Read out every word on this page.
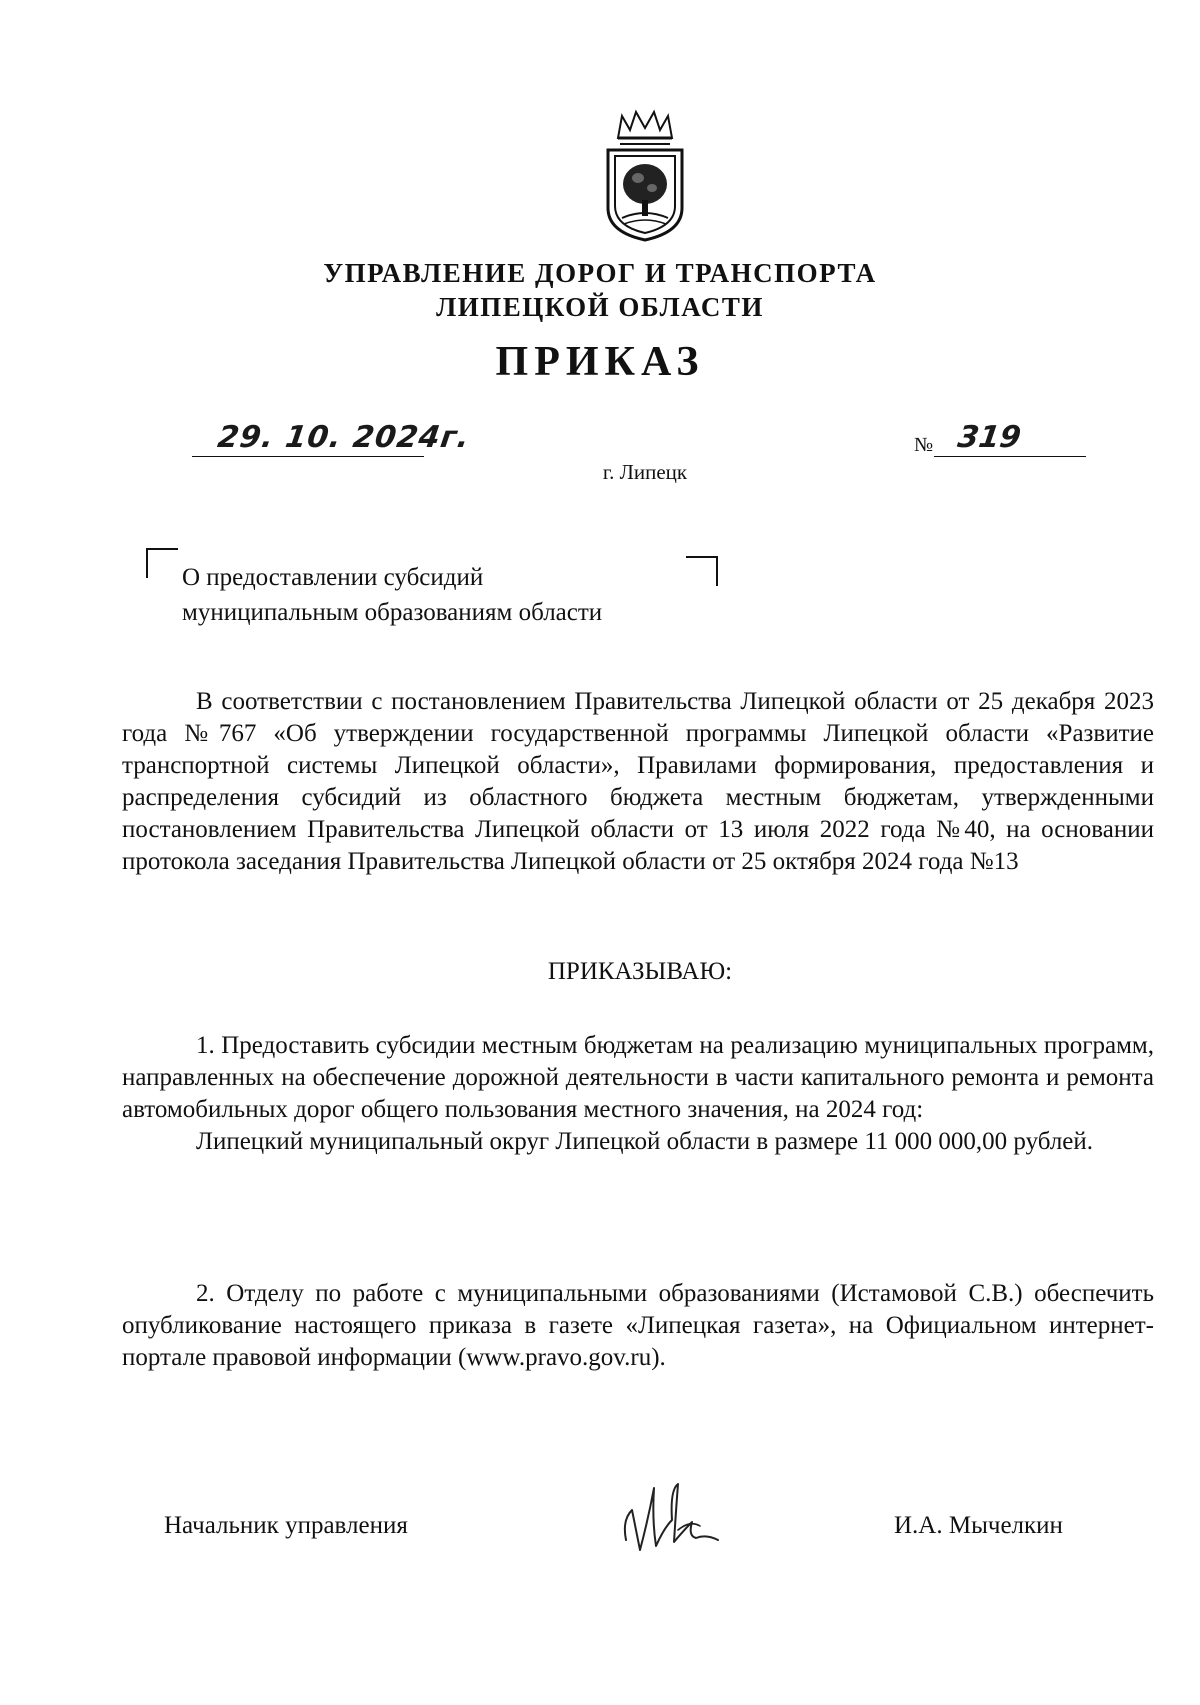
УПРАВЛЕНИЕ ДОРОГ И ТРАНСПОРТА
ЛИПЕЦКОЙ ОБЛАСТИ
ПРИКАЗ
29. 10. 2024г.	№ 319
г. Липецк
О предоставлении субсидий
муниципальным образованиям области

В соответствии с постановлением Правительства Липецкой области от 25 декабря 2023 года №767 «Об утверждении государственной программы Липецкой области «Развитие транспортной системы Липецкой области», Правилами формирования, предоставления и распределения субсидий из областного бюджета местным бюджетам, утвержденными постановлением Правительства Липецкой области от 13 июля 2022 года №40, на основании протокола заседания Правительства Липецкой области от 25 октября 2024 года №13

ПРИКАЗЫВАЮ:

1. Предоставить субсидии местным бюджетам на реализацию муниципальных программ, направленных на обеспечение дорожной деятельности в части капитального ремонта и ремонта автомобильных дорог общего пользования местного значения, на 2024 год:

Липецкий муниципальный округ Липецкой области в размере 11 000 000,00 рублей.

2. Отделу по работе с муниципальными образованиями (Истамовой С.В.) обеспечить опубликование настоящего приказа в газете «Липецкая газета», на Официальном интернет-портале правовой информации (www.pravo.gov.ru).

Начальник управления	И.А. Мычелкин
